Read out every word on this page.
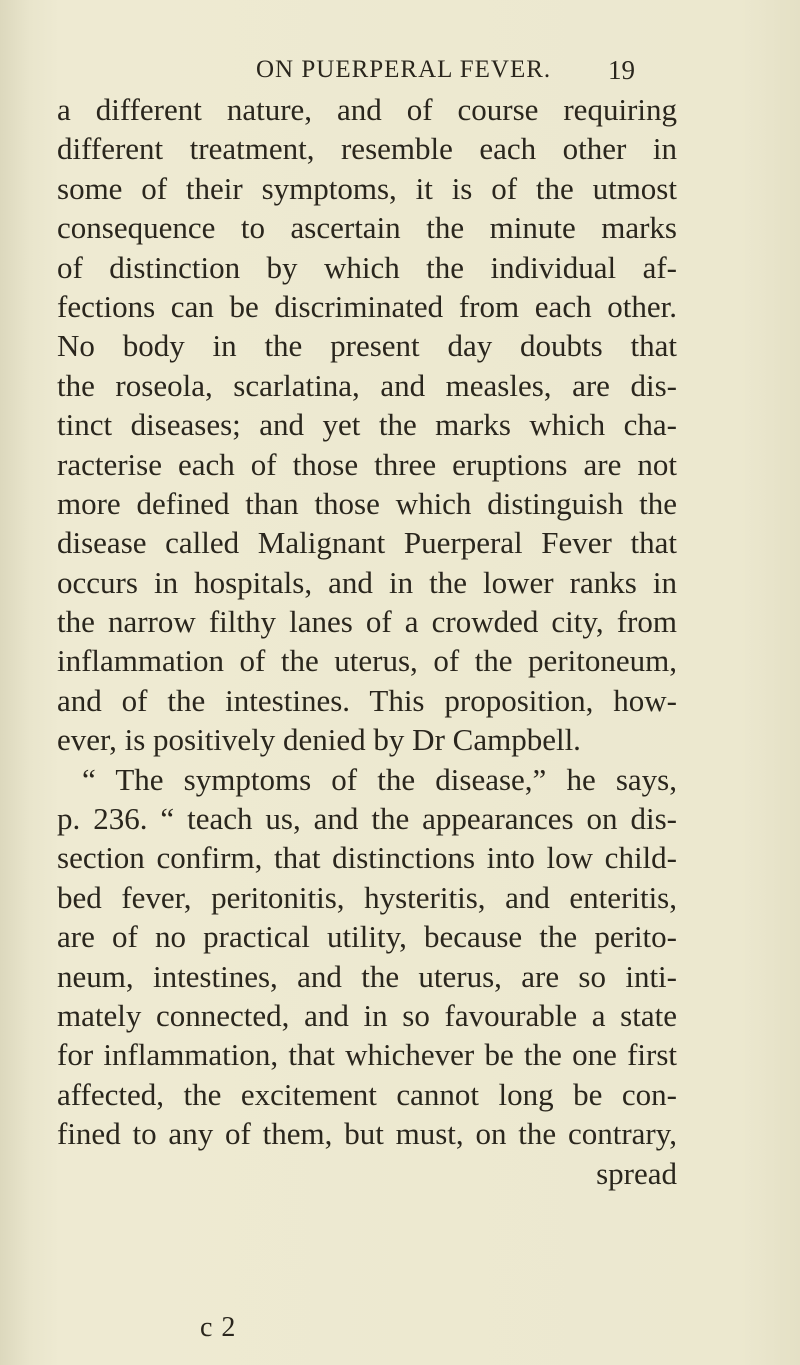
ON PUERPERAL FEVER. 19
a different nature, and of course requiring
different treatment, resemble each other in
some of their symptoms, it is of the utmost
consequence to ascertain the minute marks
of distinction by which the individual af-
fections can be discriminated from each other.
No body in the present day doubts that
the roseola, scarlatina, and measles, are dis-
tinct diseases; and yet the marks which cha-
racterise each of those three eruptions are not
more defined than those which distinguish the
disease called Malignant Puerperal Fever that
occurs in hospitals, and in the lower ranks in
the narrow filthy lanes of a crowded city, from
inflammation of the uterus, of the peritoneum,
and of the intestines. This proposition, how-
ever, is positively denied by Dr Campbell.
“ The symptoms of the disease,” he says,
p. 236. “ teach us, and the appearances on dis-
section confirm, that distinctions into low child-
bed fever, peritonitis, hysteritis, and enteritis,
are of no practical utility, because the perito-
neum, intestines, and the uterus, are so inti-
mately connected, and in so favourable a state
for inflammation, that whichever be the one first
affected, the excitement cannot long be con-
fined to any of them, but must, on the contrary,
spread
c 2
